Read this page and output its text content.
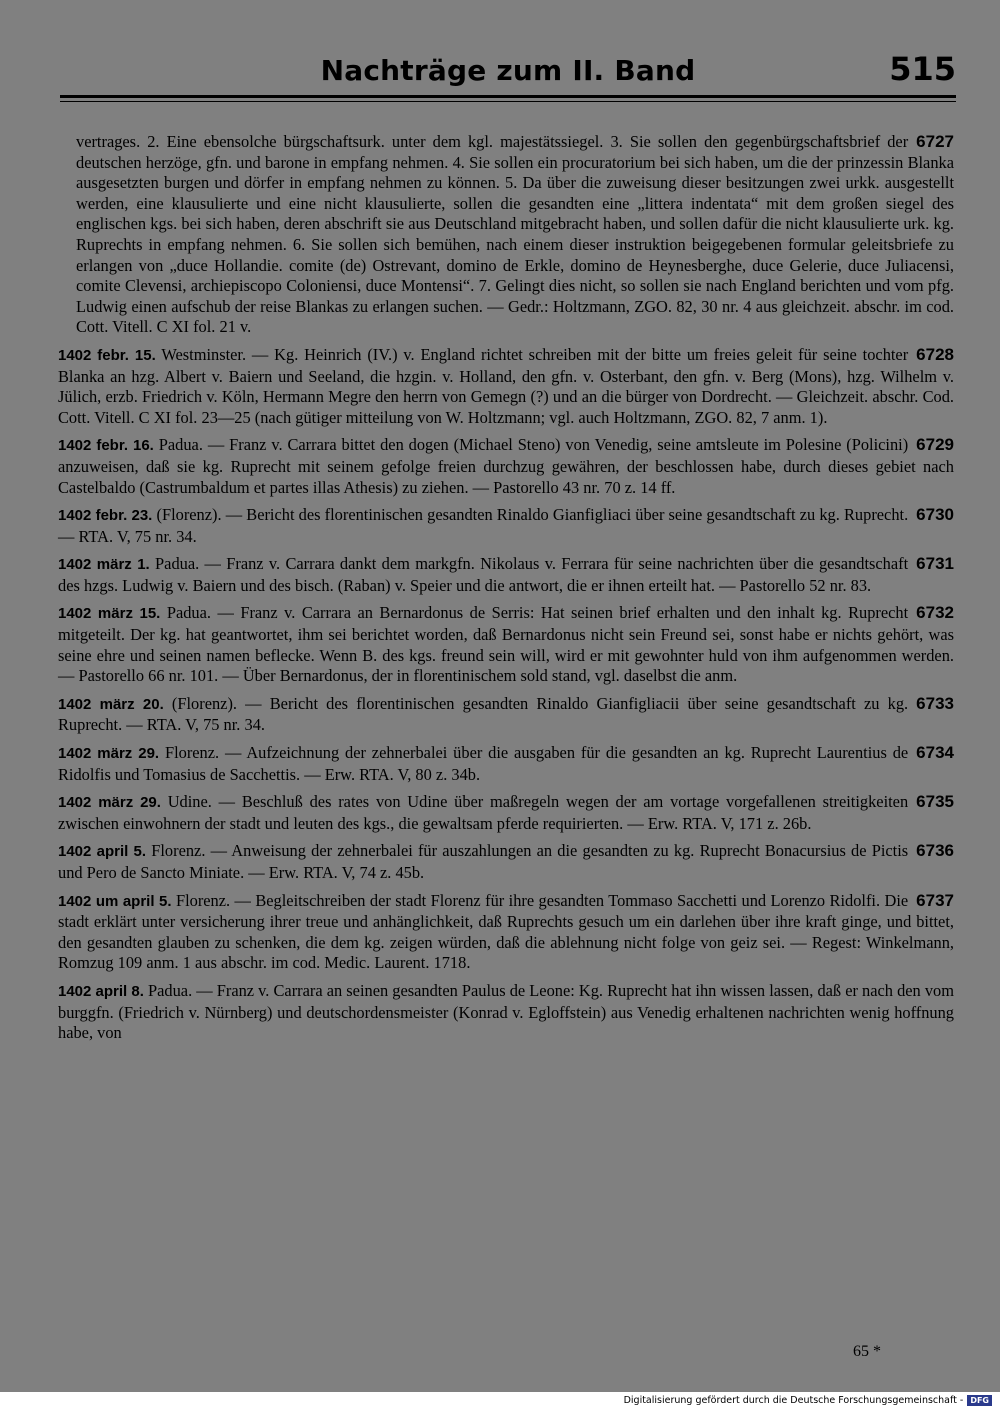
Nachträge zum II. Band	515
6727
vertrages. 2. Eine ebensolche bürgschaftsurk. unter dem kgl. majestätssiegel. 3. Sie sollen den gegenbürgschaftsbrief der deutschen herzöge, gfn. und barone in empfang nehmen. 4. Sie sollen ein procuratorium bei sich haben, um die der prinzessin Blanka ausgesetzten burgen und dörfer in empfang nehmen zu können. 5. Da über die zuweisung dieser besitzungen zwei urkk. ausgestellt werden, eine klausulierte und eine nicht klausulierte, sollen die gesandten eine „littera indentata“ mit dem großen siegel des englischen kgs. bei sich haben, deren abschrift sie aus Deutschland mitgebracht haben, und sollen dafür die nicht klausulierte urk. kg. Ruprechts in empfang nehmen. 6. Sie sollen sich bemühen, nach einem dieser instruktion beigegebenen formular geleitsbriefe zu erlangen von „duce Hollandie. comite (de) Ostrevant, domino de Erkle, domino de Heynesberghe, duce Gelerie, duce Juliacensi, comite Clevensi, archiepiscopo Coloniensi, duce Montensi“. 7. Gelingt dies nicht, so sollen sie nach England berichten und vom pfg. Ludwig einen aufschub der reise Blankas zu erlangen suchen. — Gedr.: Holtzmann, ZGO. 82, 30 nr. 4 aus gleichzeit. abschr. im cod. Cott. Vitell. C XI fol. 21 v.
6728
1402 febr. 15. Westminster. — Kg. Heinrich (IV.) v. England richtet schreiben mit der bitte um freies geleit für seine tochter Blanka an hzg. Albert v. Baiern und Seeland, die hzgin. v. Holland, den gfn. v. Osterbant, den gfn. v. Berg (Mons), hzg. Wilhelm v. Jülich, erzb. Friedrich v. Köln, Hermann Megre den herrn von Gemegn (?) und an die bürger von Dordrecht. — Gleichzeit. abschr. Cod. Cott. Vitell. C XI fol. 23—25 (nach gütiger mitteilung von W. Holtzmann; vgl. auch Holtzmann, ZGO. 82, 7 anm. 1).
6729
1402 febr. 16. Padua. — Franz v. Carrara bittet den dogen (Michael Steno) von Venedig, seine amtsleute im Polesine (Policini) anzuweisen, daß sie kg. Ruprecht mit seinem gefolge freien durchzug gewähren, der beschlossen habe, durch dieses gebiet nach Castelbaldo (Castrumbaldum et partes illas Athesis) zu ziehen. — Pastorello 43 nr. 70 z. 14 ff.
6730
1402 febr. 23. (Florenz). — Bericht des florentinischen gesandten Rinaldo Gianfigliaci über seine gesandtschaft zu kg. Ruprecht. — RTA. V, 75 nr. 34.
6731
1402 märz 1. Padua. — Franz v. Carrara dankt dem markgfn. Nikolaus v. Ferrara für seine nachrichten über die gesandtschaft des hzgs. Ludwig v. Baiern und des bisch. (Raban) v. Speier und die antwort, die er ihnen erteilt hat. — Pastorello 52 nr. 83.
6732
1402 märz 15. Padua. — Franz v. Carrara an Bernardonus de Serris: Hat seinen brief erhalten und den inhalt kg. Ruprecht mitgeteilt. Der kg. hat geantwortet, ihm sei berichtet worden, daß Bernardonus nicht sein Freund sei, sonst habe er nichts gehört, was seine ehre und seinen namen beflecke. Wenn B. des kgs. freund sein will, wird er mit gewohnter huld von ihm aufgenommen werden. — Pastorello 66 nr. 101. — Über Bernardonus, der in florentinischem sold stand, vgl. daselbst die anm.
6733
1402 märz 20. (Florenz). — Bericht des florentinischen gesandten Rinaldo Gianfigliacii über seine gesandtschaft zu kg. Ruprecht. — RTA. V, 75 nr. 34.
6734
1402 märz 29. Florenz. — Aufzeichnung der zehnerbalei über die ausgaben für die gesandten an kg. Ruprecht Laurentius de Ridolfis und Tomasius de Sacchettis. — Erw. RTA. V, 80 z. 34b.
6735
1402 märz 29. Udine. — Beschluß des rates von Udine über maßregeln wegen der am vortage vorgefallenen streitigkeiten zwischen einwohnern der stadt und leuten des kgs., die gewaltsam pferde requirierten. — Erw. RTA. V, 171 z. 26b.
6736
1402 april 5. Florenz. — Anweisung der zehnerbalei für auszahlungen an die gesandten zu kg. Ruprecht Bonacursius de Pictis und Pero de Sancto Miniate. — Erw. RTA. V, 74 z. 45b.
6737
1402 um april 5. Florenz. — Begleitschreiben der stadt Florenz für ihre gesandten Tommaso Sacchetti und Lorenzo Ridolfi. Die stadt erklärt unter versicherung ihrer treue und anhänglichkeit, daß Ruprechts gesuch um ein darlehen über ihre kraft ginge, und bittet, den gesandten glauben zu schenken, die dem kg. zeigen würden, daß die ablehnung nicht folge von geiz sei. — Regest: Winkelmann, Romzug 109 anm. 1 aus abschr. im cod. Medic. Laurent. 1718.
1402 april 8. Padua. — Franz v. Carrara an seinen gesandten Paulus de Leone: Kg. Ruprecht hat ihn wissen lassen, daß er nach den vom burggfn. (Friedrich v. Nürnberg) und deutschordensmeister (Konrad v. Egloffstein) aus Venedig erhaltenen nachrichten wenig hoffnung habe, von
65 *
Digitalisierung gefördert durch die Deutsche Forschungsgemeinschaft - DFG
